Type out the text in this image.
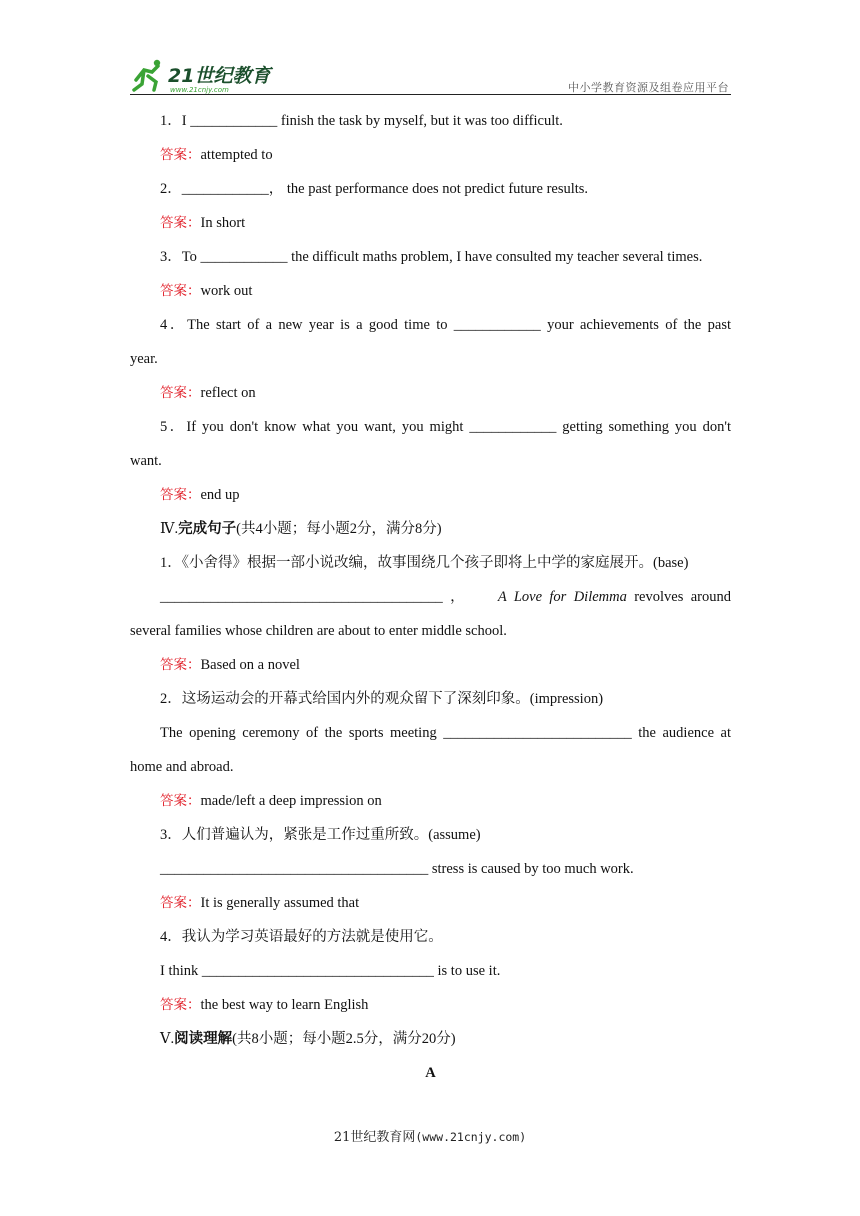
21世纪教育
www.21cnjy.com	中小学教育资源及组卷应用平台
1．I ____________ finish the task by myself, but it was too difficult.
答案：attempted to
2．____________， the past performance does not predict future results.
答案：In short
3．To ____________ the difficult maths problem, I have consulted my teacher several times.
答案：work out
4．The start of a new year is a good time to ____________ your achievements of the past
year.
答案：reflect on
5．If you don't know what you want, you might ____________ getting something you don't
want.
答案：end up
Ⅳ.完成句子(共4小题；每小题2分，满分8分)
1．《小舍得》根据一部小说改编，故事围绕几个孩子即将上中学的家庭展开。(base)
_______________________________________ ， A Love for Dilemma revolves around
several families whose children are about to enter middle school.
答案：Based on a novel
2．这场运动会的开幕式给国内外的观众留下了深刻印象。(impression)
The opening ceremony of the sports meeting __________________________ the audience at
home and abroad.
答案：made/left a deep impression on
3．人们普遍认为，紧张是工作过重所致。(assume)
_____________________________________ stress is caused by too much work.
答案：It is generally assumed that
4．我认为学习英语最好的方法就是使用它。
I think ________________________________ is to use it.
答案：the best way to learn English
Ⅴ.阅读理解(共8小题；每小题2.5分，满分20分)
A
21世纪教育网(www.21cnjy.com)
